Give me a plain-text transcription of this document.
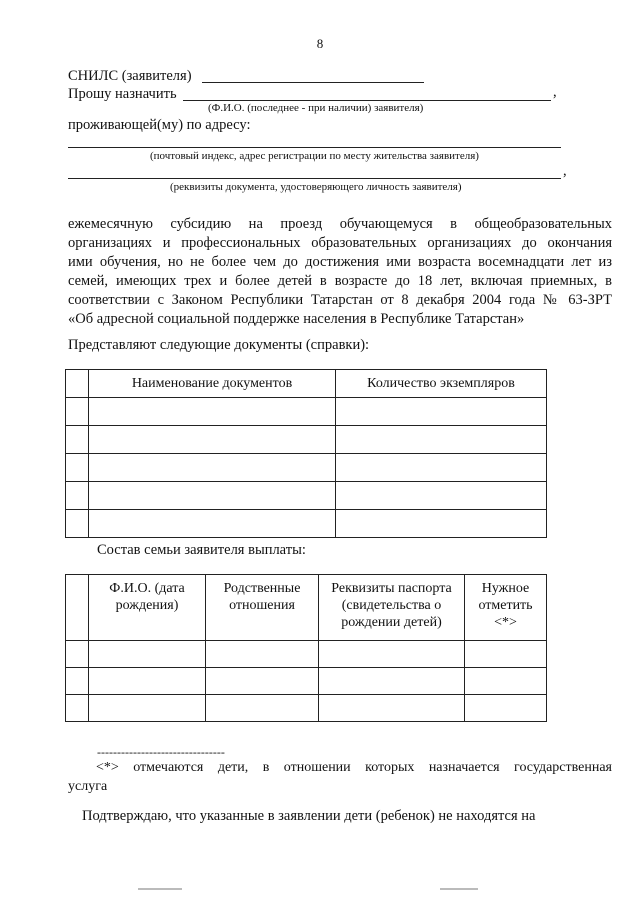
8
СНИЛС (заявителя)
Прошу назначить	,
(Ф.И.О. (последнее - при наличии) заявителя)
проживающей(му) по адресу:
(почтовый индекс, адрес регистрации по месту жительства заявителя)
,
(реквизиты документа, удостоверяющего личность заявителя)
ежемесячную субсидию на проезд обучающемуся в общеобразовательных
организациях и профессиональных образовательных организациях до окончания
ими обучения, но не более чем до достижения ими возраста восемнадцати лет из
семей, имеющих трех и более детей в возрасте до 18 лет, включая приемных, в
соответствии с Законом Республики Татарстан от 8 декабря 2004 года № 63-ЗРТ
«Об адресной социальной поддержке населения в Республике Татарстан»
Представляют следующие документы (справки):
	Наименование документов	Количество экземпляров

Состав семьи заявителя выплаты:
	Ф.И.О. (дата рождения)	Родственные отношения	Реквизиты паспорта (свидетельства о рождении детей)	Нужное отметить <*>

--------------------------------
<*> отмечаются дети, в отношении которых назначается государственная
услуга
Подтверждаю, что указанные в заявлении дети (ребенок) не находятся на
